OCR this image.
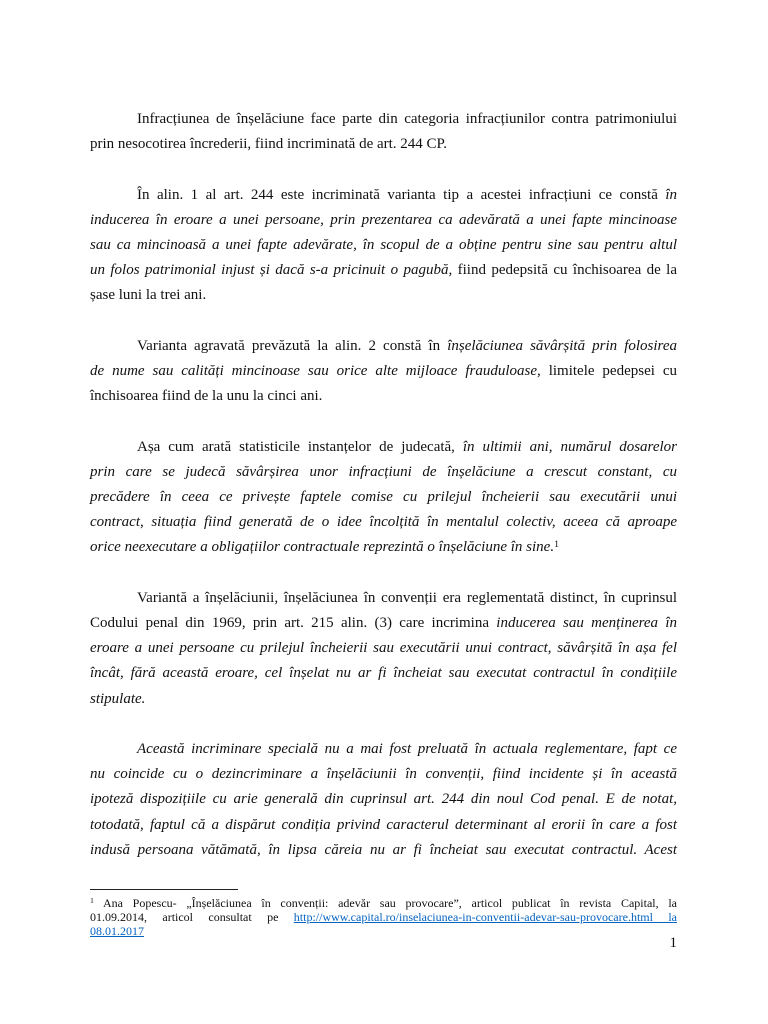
Infracțiunea de înșelăciune face parte din categoria infracțiunilor contra patrimoniului
prin nesocotirea încrederii, fiind incriminată de art. 244 CP.
În alin. 1 al art. 244 este incriminată varianta tip a acestei infracțiuni ce constă în
inducerea în eroare a unei persoane, prin prezentarea ca adevărată a unei fapte mincinoase
sau ca mincinoasă a unei fapte adevărate, în scopul de a obține pentru sine sau pentru altul
un folos patrimonial injust și dacă s-a pricinuit o pagubă, fiind pedepsită cu închisoarea de la
șase luni la trei ani.
Varianta agravată prevăzută la alin. 2 constă în înșelăciunea săvârșită prin folosirea
de nume sau calități mincinoase sau orice alte mijloace frauduloase, limitele pedepsei cu
închisoarea fiind de la unu la cinci ani.
Așa cum arată statisticile instanțelor de judecată, în ultimii ani, numărul dosarelor
prin care se judecă săvârșirea unor infracțiuni de înșelăciune a crescut constant, cu
precădere în ceea ce privește faptele comise cu prilejul încheierii sau executării unui
contract, situația fiind generată de o idee încolțită în mentalul colectiv, aceea că aproape
orice neexecutare a obligațiilor contractuale reprezintă o înșelăciune în sine.$^1$
Variantă a înșelăciunii, înșelăciunea în convenții era reglementată distinct, în cuprinsul
Codului penal din 1969, prin art. 215 alin. (3) care incrimina inducerea sau menținerea în
eroare a unei persoane cu prilejul încheierii sau executării unui contract, săvârșită în așa fel
încât, fără această eroare, cel înșelat nu ar fi încheiat sau executat contractul în condițiile
stipulate.
Această incriminare specială nu a mai fost preluată în actuala reglementare, fapt ce
nu coincide cu o dezincriminare a înșelăciunii în convenții, fiind incidente și în această
ipoteză dispozițiile cu arie generală din cuprinsul art. 244 din noul Cod penal. E de notat,
totodată, faptul că a dispărut condiția privind caracterul determinant al erorii în care a fost
indusă persoana vătămată, în lipsa căreia nu ar fi încheiat sau executat contractul. Acest
$^1$ Ana Popescu- „Înșelăciunea în convenții: adevăr sau provocare”, articol publicat în revista Capital, la
01.09.2014, articol consultat pe http://www.capital.ro/inselaciunea-in-conventii-adevar-sau-provocare.html la
08.01.2017
1
